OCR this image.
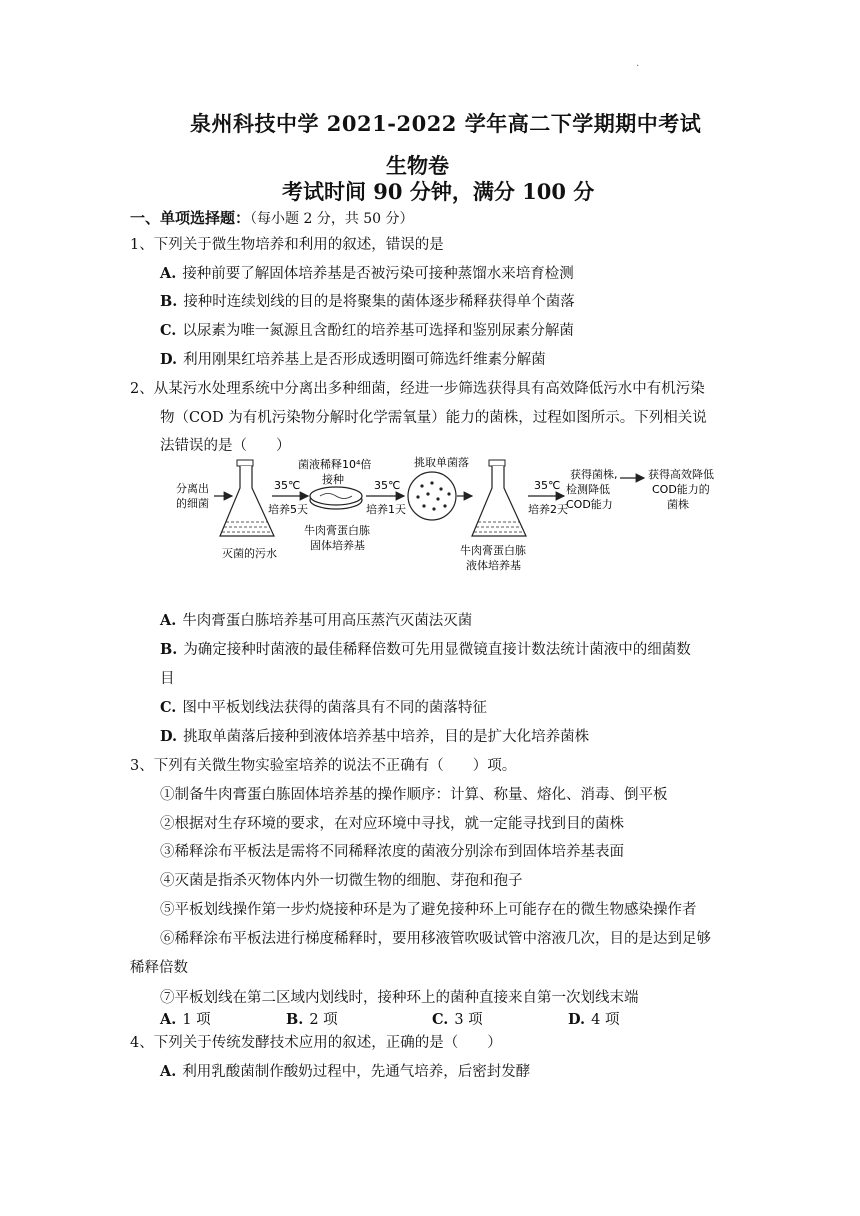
.
泉州科技中学 2021-2022 学年高二下学期期中考试
生物卷
考试时间 90 分钟，满分 100 分
一、单项选择题：（每小题 2 分，共 50 分）
1、下列关于微生物培养和利用的叙述，错误的是
A. 接种前要了解固体培养基是否被污染可接种蒸馏水来培育检测
B. 接种时连续划线的目的是将聚集的菌体逐步稀释获得单个菌落
C. 以尿素为唯一氮源且含酚红的培养基可选择和鉴别尿素分解菌
D. 利用刚果红培养基上是否形成透明圈可筛选纤维素分解菌
2、从某污水处理系统中分离出多种细菌，经进一步筛选获得具有高效降低污水中有机污染
物（COD 为有机污染物分解时化学需氧量）能力的菌株，过程如图所示。下列相关说
法错误的是（　　）
分离出
的细菌
灭菌的污水
35℃
培养5天
菌液稀释10⁴倍
接种
牛肉膏蛋白胨
固体培养基
35℃
培养1天
挑取单菌落
牛肉膏蛋白胨
液体培养基
35℃
培养2天
获得菌株,
检测降低
COD能力
获得高效降低
COD能力的
菌株
A. 牛肉膏蛋白胨培养基可用高压蒸汽灭菌法灭菌
B. 为确定接种时菌液的最佳稀释倍数可先用显微镜直接计数法统计菌液中的细菌数
目
C. 图中平板划线法获得的菌落具有不同的菌落特征
D. 挑取单菌落后接种到液体培养基中培养，目的是扩大化培养菌株
3、下列有关微生物实验室培养的说法不正确有（　　）项。
①制备牛肉膏蛋白胨固体培养基的操作顺序：计算、称量、熔化、消毒、倒平板
②根据对生存环境的要求，在对应环境中寻找，就一定能寻找到目的菌株
③稀释涂布平板法是需将不同稀释浓度的菌液分别涂布到固体培养基表面
④灭菌是指杀灭物体内外一切微生物的细胞、芽孢和孢子
⑤平板划线操作第一步灼烧接种环是为了避免接种环上可能存在的微生物感染操作者
⑥稀释涂布平板法进行梯度稀释时，要用移液管吹吸试管中溶液几次，目的是达到足够
稀释倍数
⑦平板划线在第二区域内划线时，接种环上的菌种直接来自第一次划线末端
A. 1 项	B. 2 项	C. 3 项	D. 4 项
4、下列关于传统发酵技术应用的叙述，正确的是（　　）
A. 利用乳酸菌制作酸奶过程中，先通气培养，后密封发酵
